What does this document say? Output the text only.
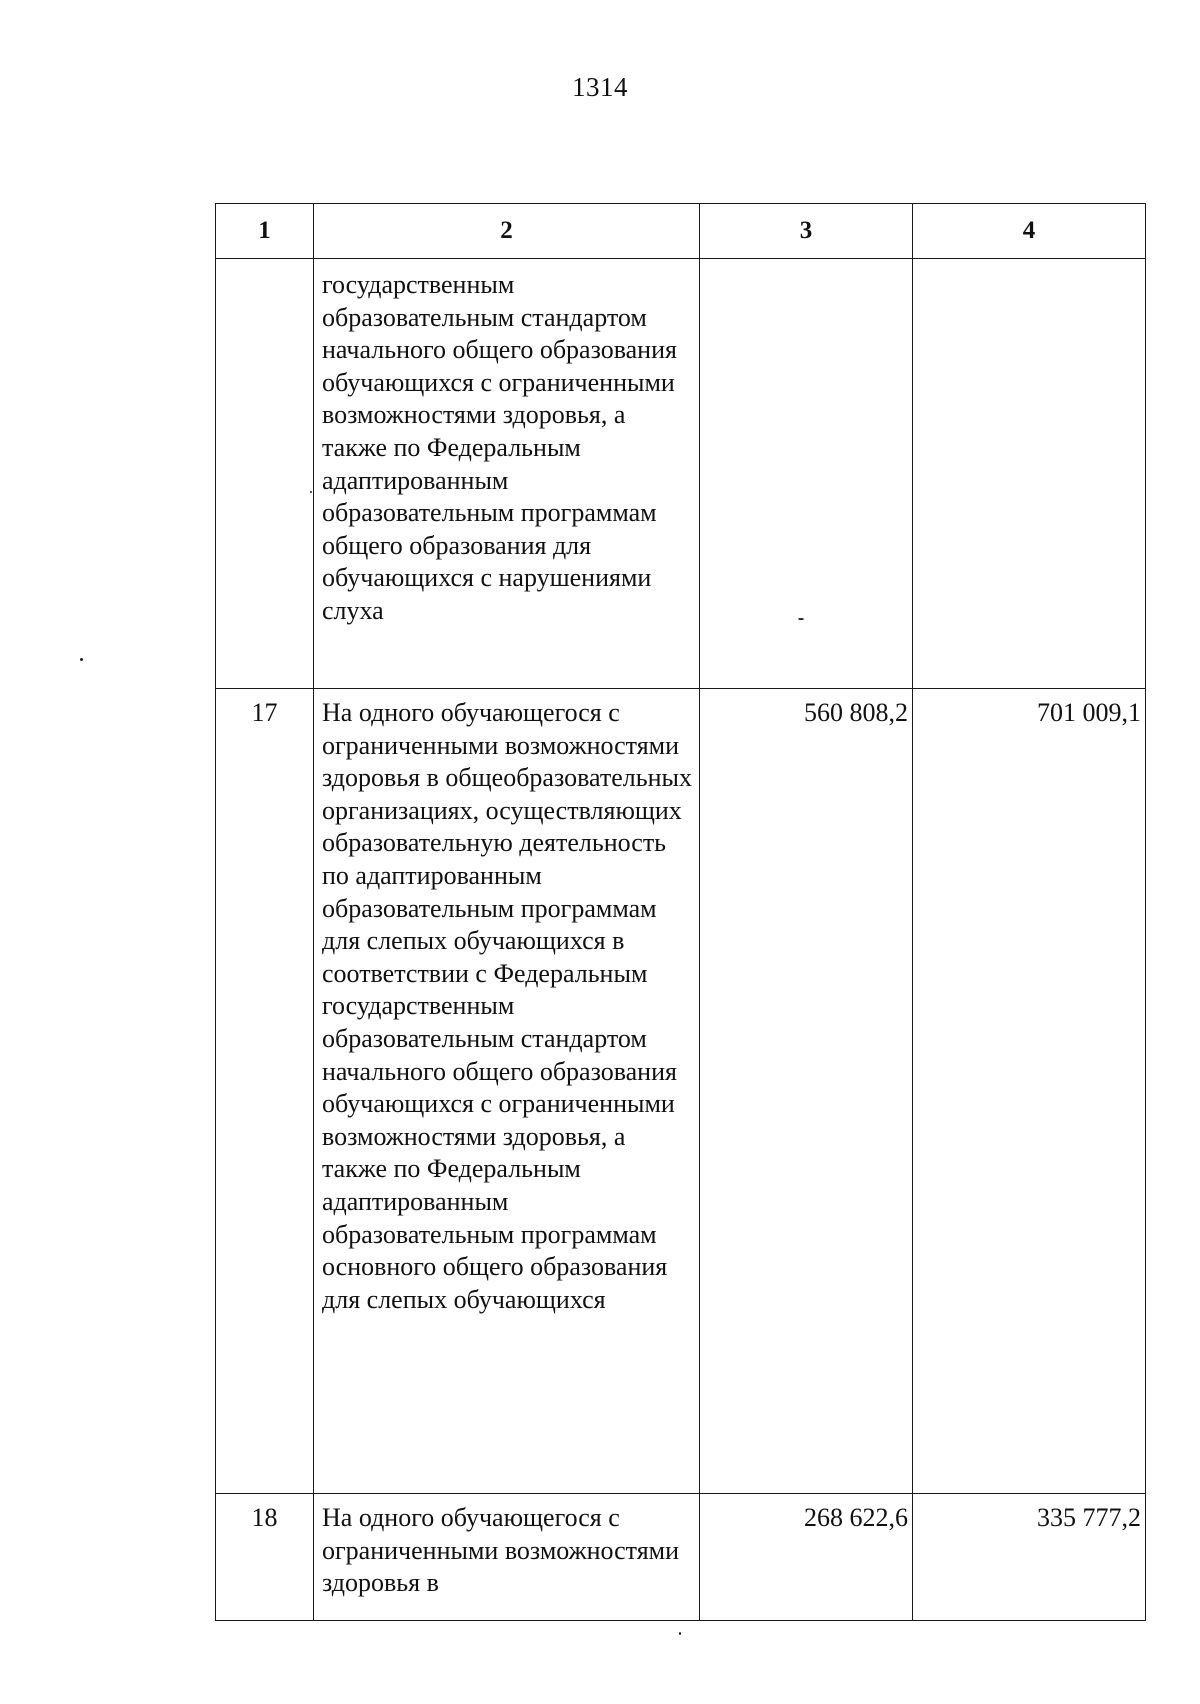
1314
1	2	3	4
	государственным образовательным стандартом начального общего образования обучающихся с ограниченными возможностями здоровья, а также по Федеральным адаптированным образовательным программам общего образования для обучающихся с нарушениями слуха		
17	На одного обучающегося с ограниченными возможностями здоровья в общеобразовательных организациях, осуществляющих образовательную деятельность по адаптированным образовательным программам для слепых обучающихся в соответствии с Федеральным государственным образовательным стандартом начального общего образования обучающихся с ограниченными возможностями здоровья, а также по Федеральным адаптированным образовательным программам основного общего образования для слепых обучающихся	560 808,2	701 009,1
18	На одного обучающегося с ограниченными возможностями здоровья в	268 622,6	335 777,2
